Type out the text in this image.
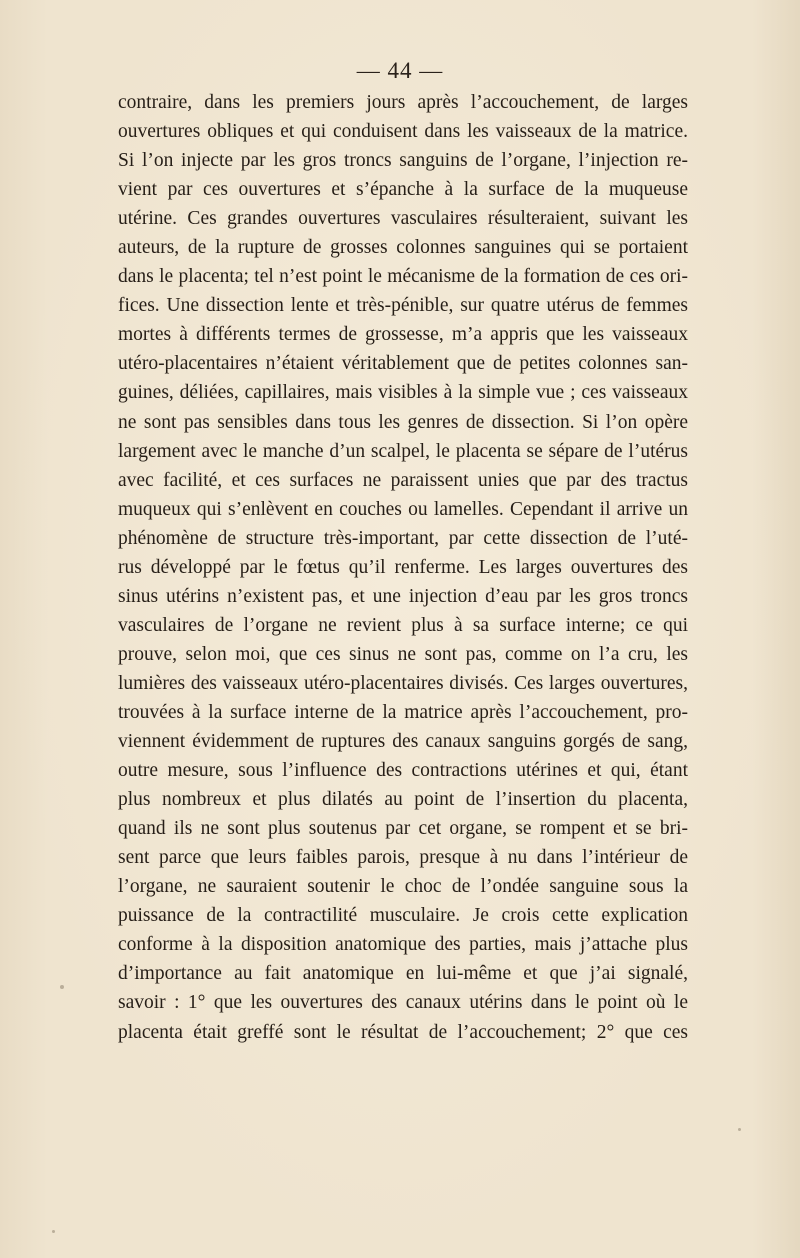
— 44 —
contraire, dans les premiers jours après l’accouchement, de larges
ouvertures obliques et qui conduisent dans les vaisseaux de la matrice.
Si l’on injecte par les gros troncs sanguins de l’organe, l’injection re-
vient par ces ouvertures et s’épanche à la surface de la muqueuse
utérine. Ces grandes ouvertures vasculaires résulteraient, suivant les
auteurs, de la rupture de grosses colonnes sanguines qui se portaient
dans le placenta; tel n’est point le mécanisme de la formation de ces ori-
fices. Une dissection lente et très-pénible, sur quatre utérus de femmes
mortes à différents termes de grossesse, m’a appris que les vaisseaux
utéro-placentaires n’étaient véritablement que de petites colonnes san-
guines, déliées, capillaires, mais visibles à la simple vue ; ces vaisseaux
ne sont pas sensibles dans tous les genres de dissection. Si l’on opère
largement avec le manche d’un scalpel, le placenta se sépare de l’utérus
avec facilité, et ces surfaces ne paraissent unies que par des tractus
muqueux qui s’enlèvent en couches ou lamelles. Cependant il arrive un
phénomène de structure très-important, par cette dissection de l’uté-
rus développé par le fœtus qu’il renferme. Les larges ouvertures des
sinus utérins n’existent pas, et une injection d’eau par les gros troncs
vasculaires de l’organe ne revient plus à sa surface interne; ce qui
prouve, selon moi, que ces sinus ne sont pas, comme on l’a cru, les
lumières des vaisseaux utéro-placentaires divisés. Ces larges ouvertures,
trouvées à la surface interne de la matrice après l’accouchement, pro-
viennent évidemment de ruptures des canaux sanguins gorgés de sang,
outre mesure, sous l’influence des contractions utérines et qui, étant
plus nombreux et plus dilatés au point de l’insertion du placenta,
quand ils ne sont plus soutenus par cet organe, se rompent et se bri-
sent parce que leurs faibles parois, presque à nu dans l’intérieur de
l’organe, ne sauraient soutenir le choc de l’ondée sanguine sous la
puissance de la contractilité musculaire. Je crois cette explication
conforme à la disposition anatomique des parties, mais j’attache plus
d’importance au fait anatomique en lui-même et que j’ai signalé,
savoir : 1° que les ouvertures des canaux utérins dans le point où le
placenta était greffé sont le résultat de l’accouchement; 2° que ces
